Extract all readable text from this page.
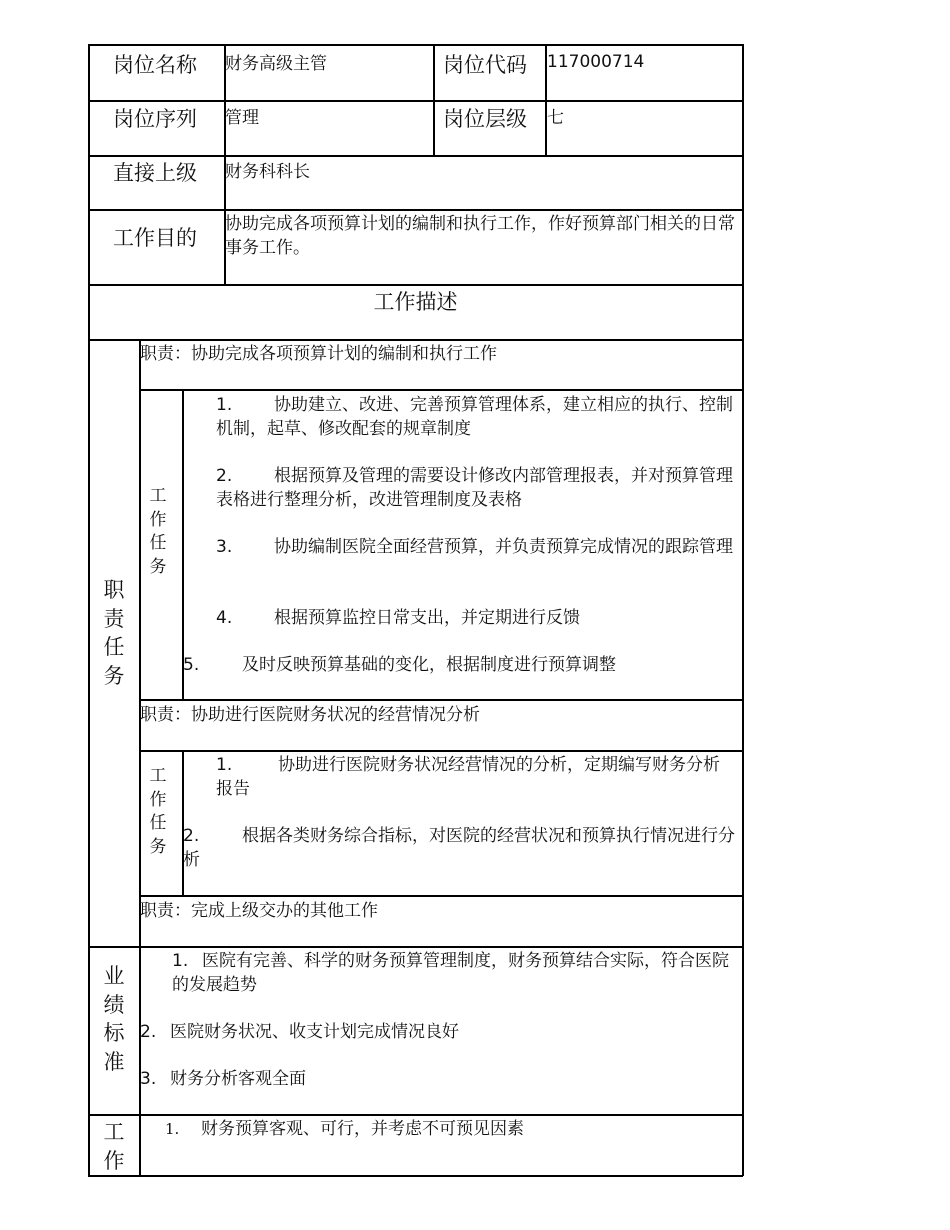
岗位名称 财务高级主管	岗位代码 117000714
岗位序列 管理	岗位层级 七
直接上级 财务科科长
工作目的
协助完成各项预算计划的编制和执行工作，作好预算部门相关的日常事务工作。
工作描述
职责任务
职责：协助完成各项预算计划的编制和执行工作
工作任务
1. 协助建立、改进、完善预算管理体系，建立相应的执行、控制机制，起草、修改配套的规章制度
2. 根据预算及管理的需要设计修改内部管理报表，并对预算管理表格进行整理分析，改进管理制度及表格
3. 协助编制医院全面经营预算，并负责预算完成情况的跟踪管理
4. 根据预算监控日常支出，并定期进行反馈
5.	及时反映预算基础的变化，根据制度进行预算调整
职责：协助进行医院财务状况的经营情况分析
工作任务
1.	协助进行医院财务状况经营情况的分析，定期编写财务分析报告
2.	根据各类财务综合指标，对医院的经营状况和预算执行情况进行分析
职责：完成上级交办的其他工作
业绩标准
1. 医院有完善、科学的财务预算管理制度，财务预算结合实际，符合医院的发展趋势
2. 医院财务状况、收支计划完成情况良好
3. 财务分析客观全面
工作
1. 财务预算客观、可行，并考虑不可预见因素
